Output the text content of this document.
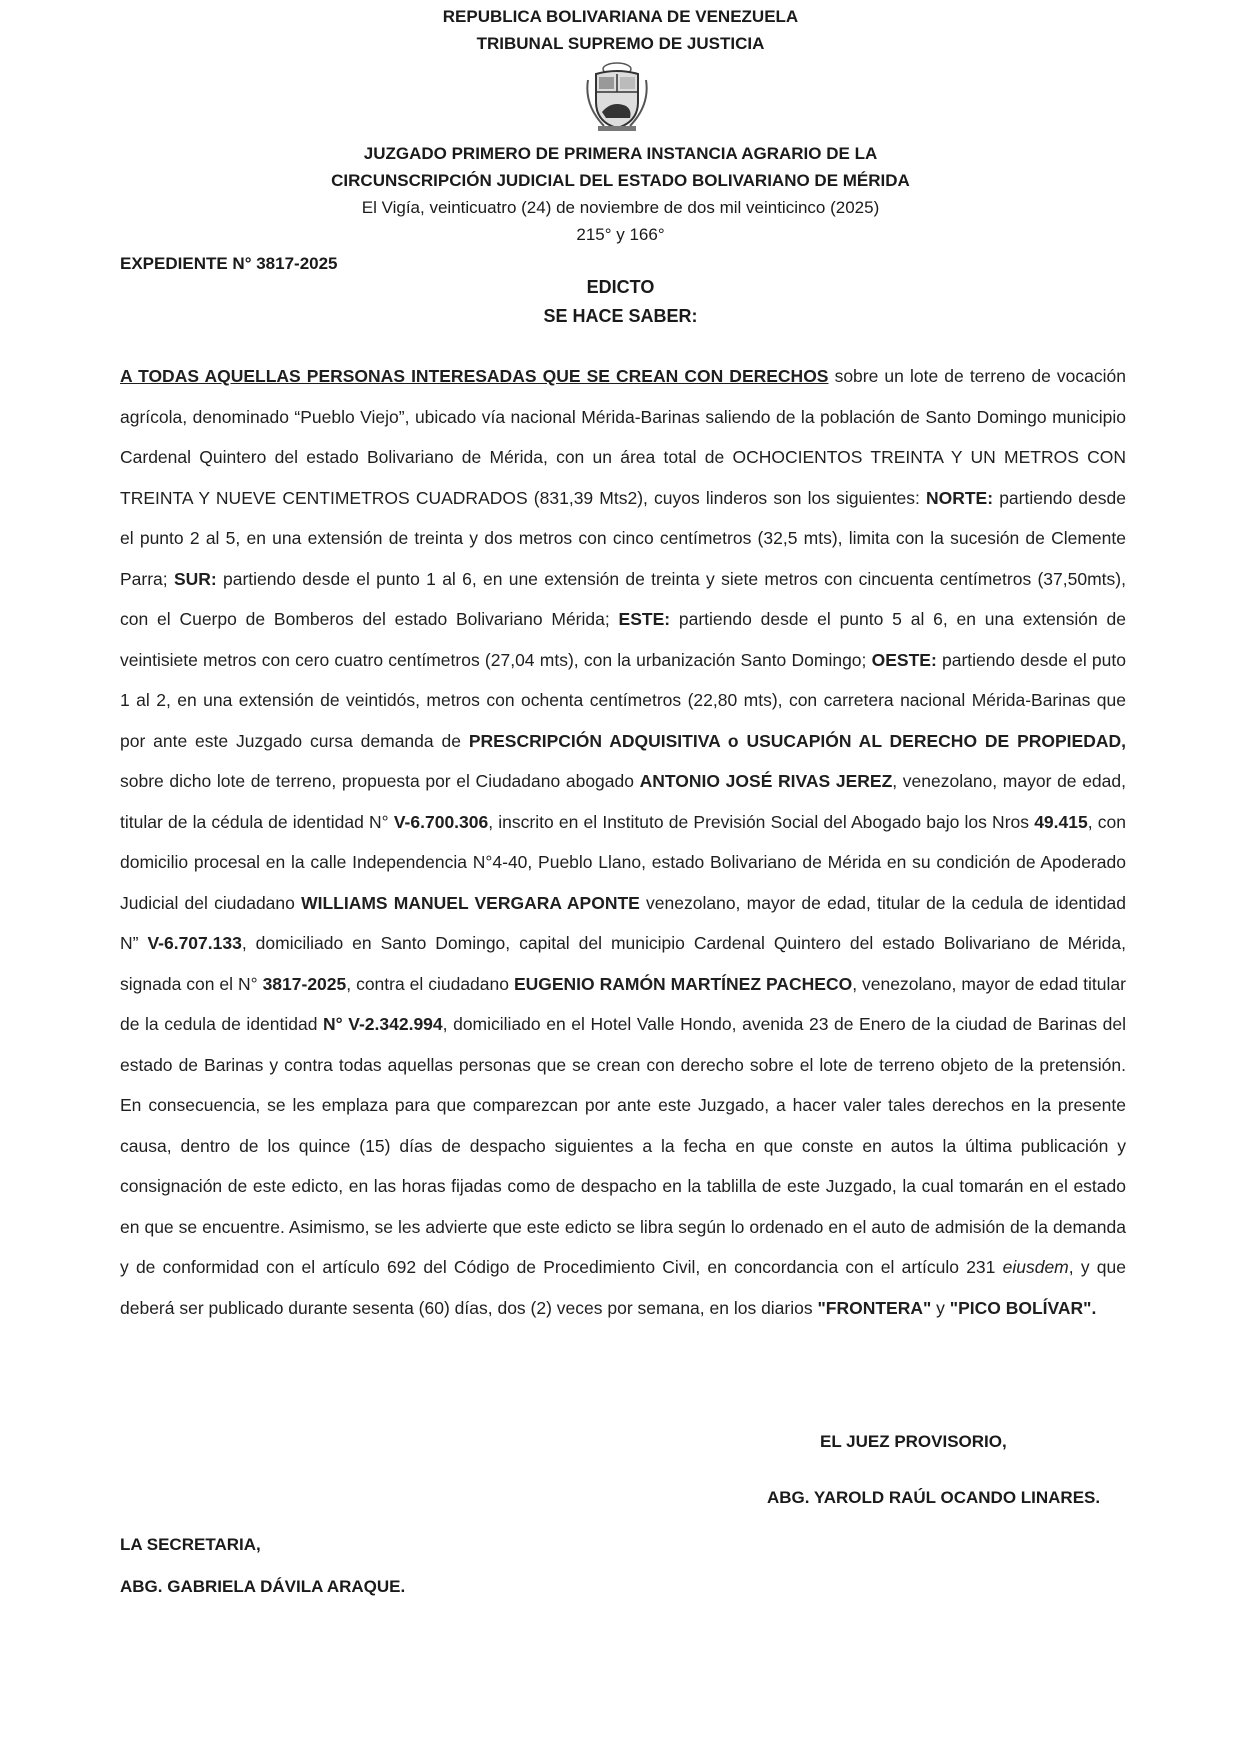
REPUBLICA BOLIVARIANA DE VENEZUELA
TRIBUNAL SUPREMO DE JUSTICIA
JUZGADO PRIMERO DE PRIMERA INSTANCIA AGRARIO DE LA
CIRCUNSCRIPCIÓN JUDICIAL DEL ESTADO BOLIVARIANO DE MÉRIDA
El Vigía, veinticuatro (24) de noviembre de dos mil veinticinco (2025)
215° y 166°
EXPEDIENTE N° 3817-2025
EDICTO
SE HACE SABER:
A TODAS AQUELLAS PERSONAS INTERESADAS QUE SE CREAN CON DERECHOS sobre un lote de terreno de vocación agrícola, denominado “Pueblo Viejo”, ubicado vía nacional Mérida-Barinas saliendo de la población de Santo Domingo municipio Cardenal Quintero del estado Bolivariano de Mérida, con un área total de OCHOCIENTOS TREINTA Y UN METROS CON TREINTA Y NUEVE CENTIMETROS CUADRADOS (831,39 Mts2), cuyos linderos son los siguientes: NORTE: partiendo desde el punto 2 al 5, en una extensión de treinta y dos metros con cinco centímetros (32,5 mts), limita con la sucesión de Clemente Parra; SUR: partiendo desde el punto 1 al 6, en une extensión de treinta y siete metros con cincuenta centímetros (37,50mts), con el Cuerpo de Bomberos del estado Bolivariano Mérida; ESTE: partiendo desde el punto 5 al 6, en una extensión de veintisiete metros con cero cuatro centímetros (27,04 mts), con la urbanización Santo Domingo; OESTE: partiendo desde el puto 1 al 2, en una extensión de veintidós, metros con ochenta centímetros (22,80 mts), con carretera nacional Mérida-Barinas que por ante este Juzgado cursa demanda de PRESCRIPCIÓN ADQUISITIVA o USUCAPIÓN AL DERECHO DE PROPIEDAD, sobre dicho lote de terreno, propuesta por el Ciudadano abogado ANTONIO JOSÉ RIVAS JEREZ, venezolano, mayor de edad, titular de la cédula de identidad N° V-6.700.306, inscrito en el Instituto de Previsión Social del Abogado bajo los Nros 49.415, con domicilio procesal en la calle Independencia N°4-40, Pueblo Llano, estado Bolivariano de Mérida en su condición de Apoderado Judicial del ciudadano WILLIAMS MANUEL VERGARA APONTE venezolano, mayor de edad, titular de la cedula de identidad N” V-6.707.133, domiciliado en Santo Domingo, capital del municipio Cardenal Quintero del estado Bolivariano de Mérida, signada con el N° 3817-2025, contra el ciudadano EUGENIO RAMÓN MARTÍNEZ PACHECO, venezolano, mayor de edad titular de la cedula de identidad N° V-2.342.994, domiciliado en el Hotel Valle Hondo, avenida 23 de Enero de la ciudad de Barinas del estado de Barinas y contra todas aquellas personas que se crean con derecho sobre el lote de terreno objeto de la pretensión. En consecuencia, se les emplaza para que comparezcan por ante este Juzgado, a hacer valer tales derechos en la presente causa, dentro de los quince (15) días de despacho siguientes a la fecha en que conste en autos la última publicación y consignación de este edicto, en las horas fijadas como de despacho en la tablilla de este Juzgado, la cual tomarán en el estado en que se encuentre. Asimismo, se les advierte que este edicto se libra según lo ordenado en el auto de admisión de la demanda y de conformidad con el artículo 692 del Código de Procedimiento Civil, en concordancia con el artículo 231 eiusdem, y que deberá ser publicado durante sesenta (60) días, dos (2) veces por semana, en los diarios "FRONTERA" y "PICO BOLÍVAR".
EL JUEZ PROVISORIO,
ABG. YAROLD RAÚL OCANDO LINARES.
LA SECRETARIA,
ABG. GABRIELA DÁVILA ARAQUE.
